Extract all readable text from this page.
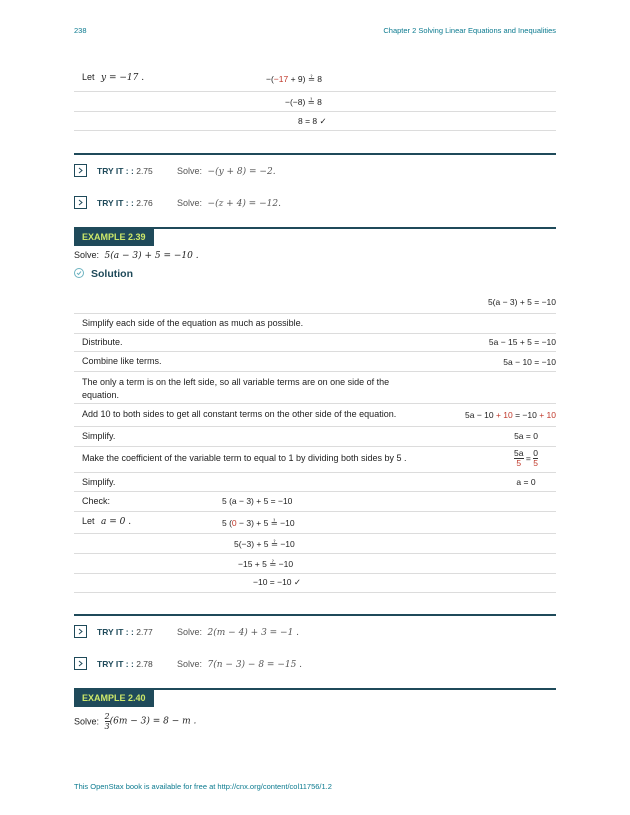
238	Chapter 2 Solving Linear Equations and Inequalities
Let y = −17 .	−(−17 + 9) ≟ 8
−(−8) ≟ 8
8 = 8 ✓
TRY IT : : 2.75	Solve: −(y + 8) = −2.
TRY IT : : 2.76	Solve: −(z + 4) = −12.
EXAMPLE 2.39
Solve: 5(a − 3) + 5 = −10 .
Solution
5(a − 3) + 5 = −10
Simplify each side of the equation as much as possible.
Distribute.	5a − 15 + 5 = −10
Combine like terms.	5a − 10 = −10
The only a term is on the left side, so all variable terms are on one side of the equation.
Add 10 to both sides to get all constant terms on the other side of the equation.	5a − 10 + 10 = −10 + 10
Simplify.	5a = 0
Make the coefficient of the variable term to equal to 1 by dividing both sides by 5 .	$\frac{5a}{5} = \frac{0}{5}$
Simplify.	a = 0
Check:	5 (a − 3) + 5 = −10
Let a = 0 .	5 (0 − 3) + 5 ≟ −10
5(−3) + 5 ≟ −10
−15 + 5 ≟ −10
−10 = −10 ✓
TRY IT : : 2.77	Solve: 2(m − 4) + 3 = −1 .
TRY IT : : 2.78	Solve: 7(n − 3) − 8 = −15 .
EXAMPLE 2.40
Solve: $\frac{2}{3} (6m - 3) = 8 - m$ .
This OpenStax book is available for free at http://cnx.org/content/col11756/1.2
